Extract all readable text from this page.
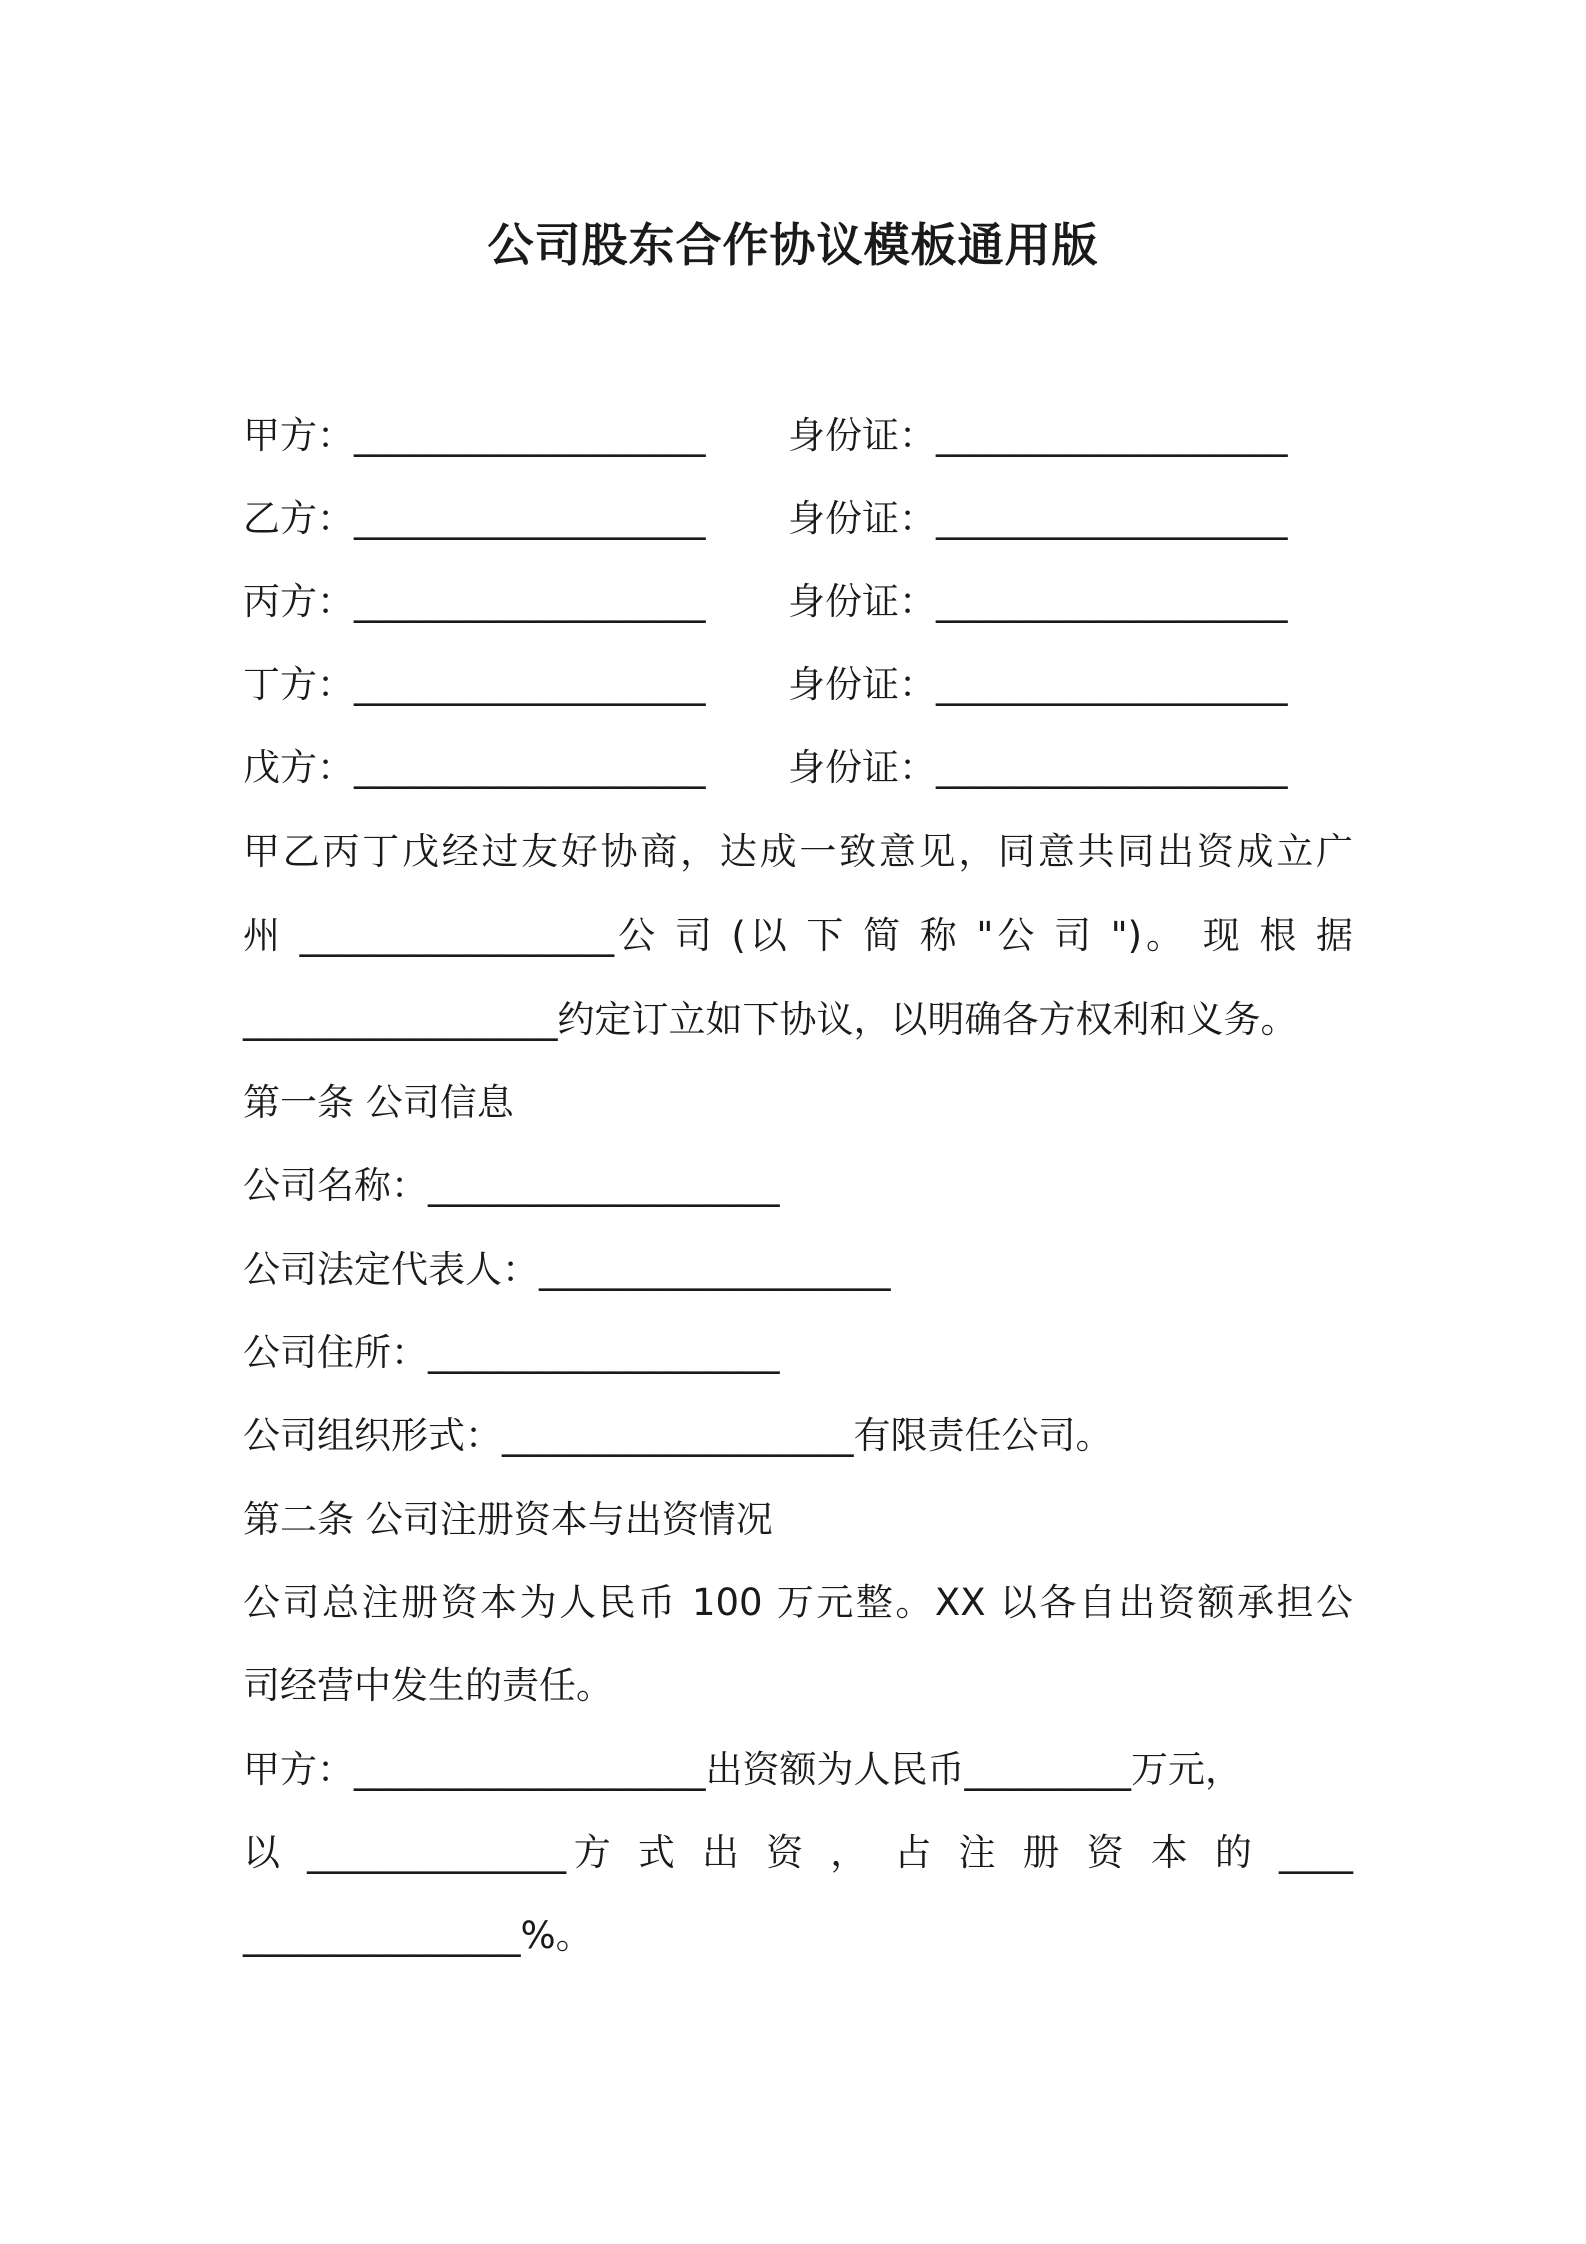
公司股东合作协议模板通用版
甲方：___________________ 身份证：___________________
乙方：___________________ 身份证：___________________
丙方：___________________ 身份证：___________________
丁方：___________________ 身份证：___________________
戊方：___________________ 身份证：___________________
甲乙丙丁戊经过友好协商，达成一致意见，同意共同出资成立广
州 _________________公 司 (以 下 简 称 "公 司 ")。 现 根 据
_________________约定订立如下协议，以明确各方权利和义务。
第一条 公司信息
公司名称：___________________
公司法定代表人：___________________
公司住所：___________________
公司组织形式：___________________有限责任公司。
第二条 公司注册资本与出资情况
公司总注册资本为人民币 100 万元整。XX 以各自出资额承担公
司经营中发生的责任。
甲方：___________________出资额为人民币_________万元，
以 ______________方 式 出 资 ， 占 注 册 资 本 的 ____
_______________%。
